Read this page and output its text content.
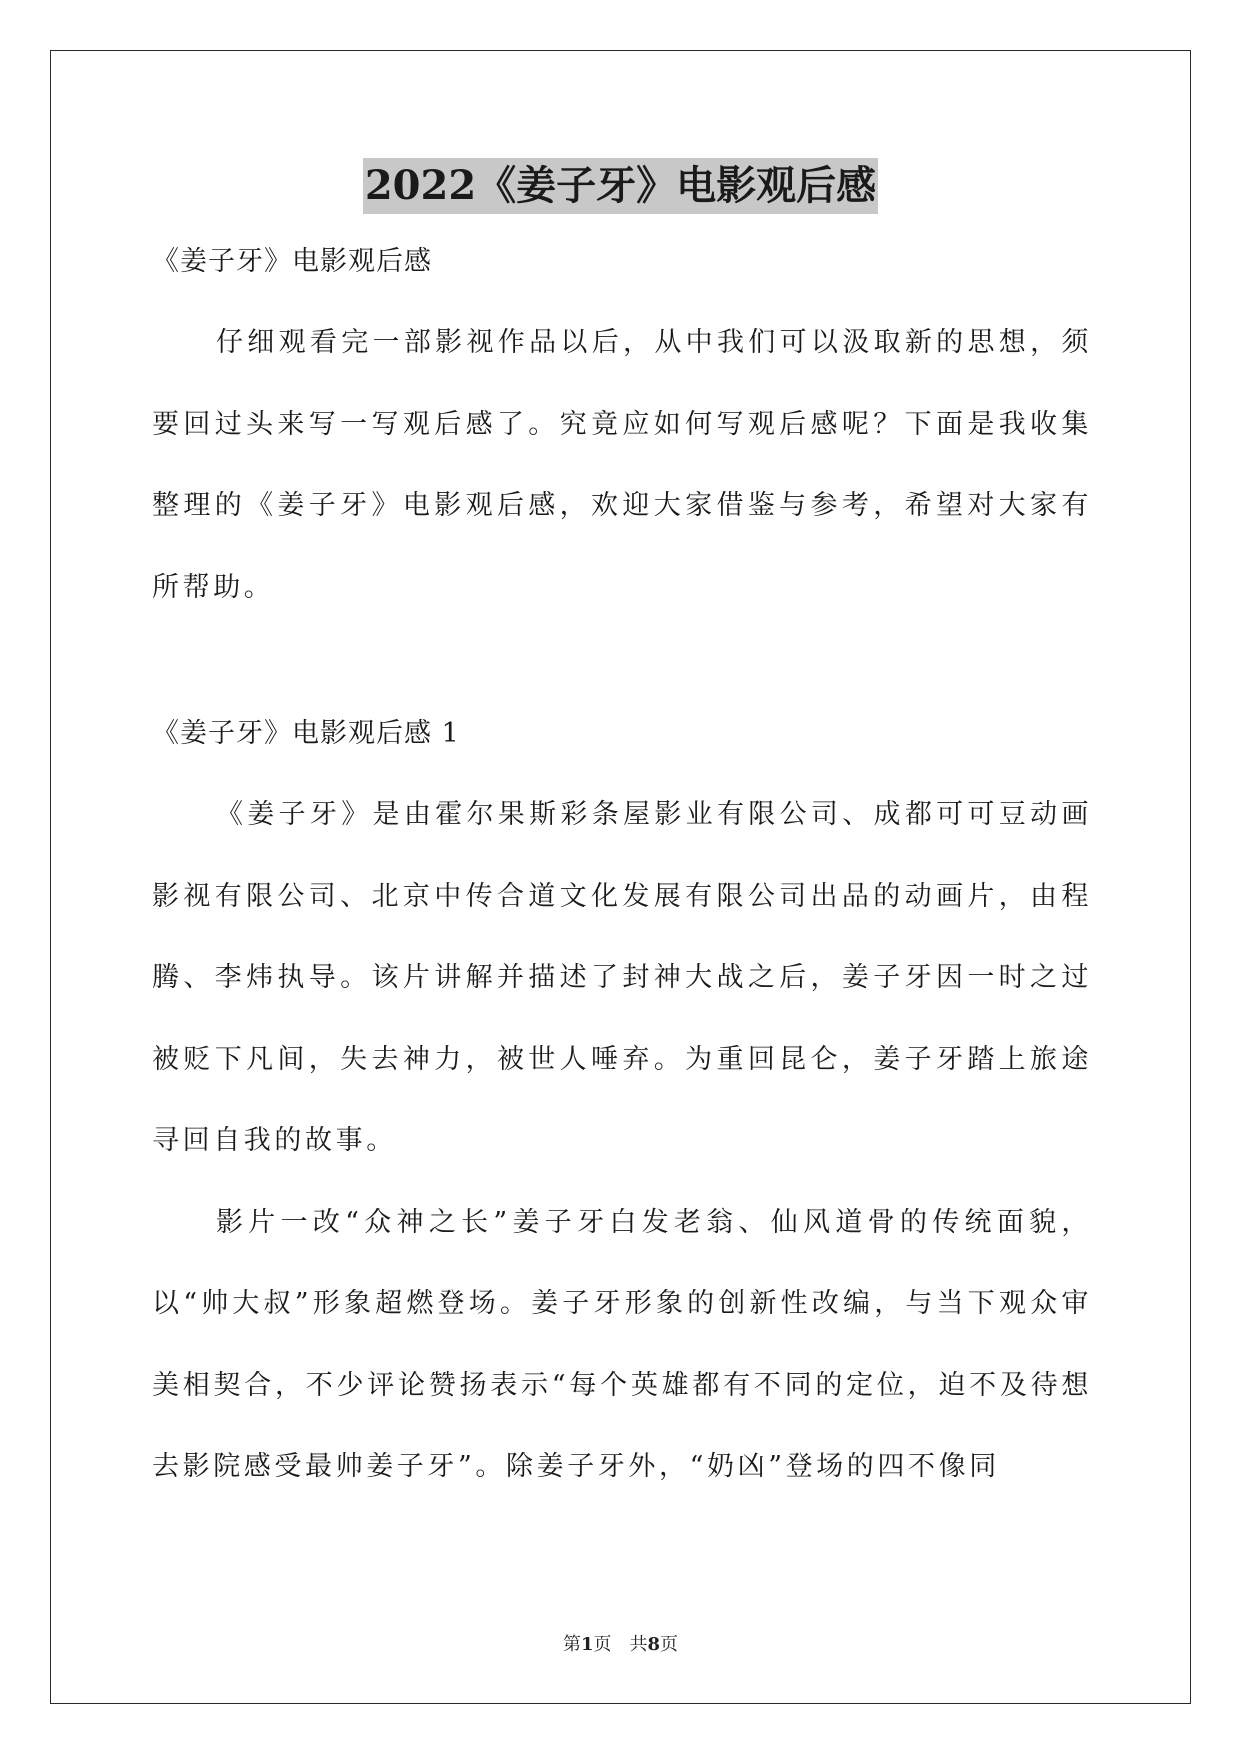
2022《姜子牙》电影观后感

《姜子牙》电影观后感

仔细观看完一部影视作品以后，从中我们可以汲取新的思想，须要回过头来写一写观后感了。究竟应如何写观后感呢？下面是我收集整理的《姜子牙》电影观后感，欢迎大家借鉴与参考，希望对大家有所帮助。

《姜子牙》电影观后感 1

《姜子牙》是由霍尔果斯彩条屋影业有限公司、成都可可豆动画影视有限公司、北京中传合道文化发展有限公司出品的动画片，由程腾、李炜执导。该片讲解并描述了封神大战之后，姜子牙因一时之过被贬下凡间，失去神力，被世人唾弃。为重回昆仑，姜子牙踏上旅途寻回自我的故事。

影片一改“众神之长”姜子牙白发老翁、仙风道骨的传统面貌，以“帅大叔”形象超燃登场。姜子牙形象的创新性改编，与当下观众审美相契合，不少评论赞扬表示“每个英雄都有不同的定位，迫不及待想去影院感受最帅姜子牙”。除姜子牙外，“奶凶”登场的四不像同

第1页　共8页
